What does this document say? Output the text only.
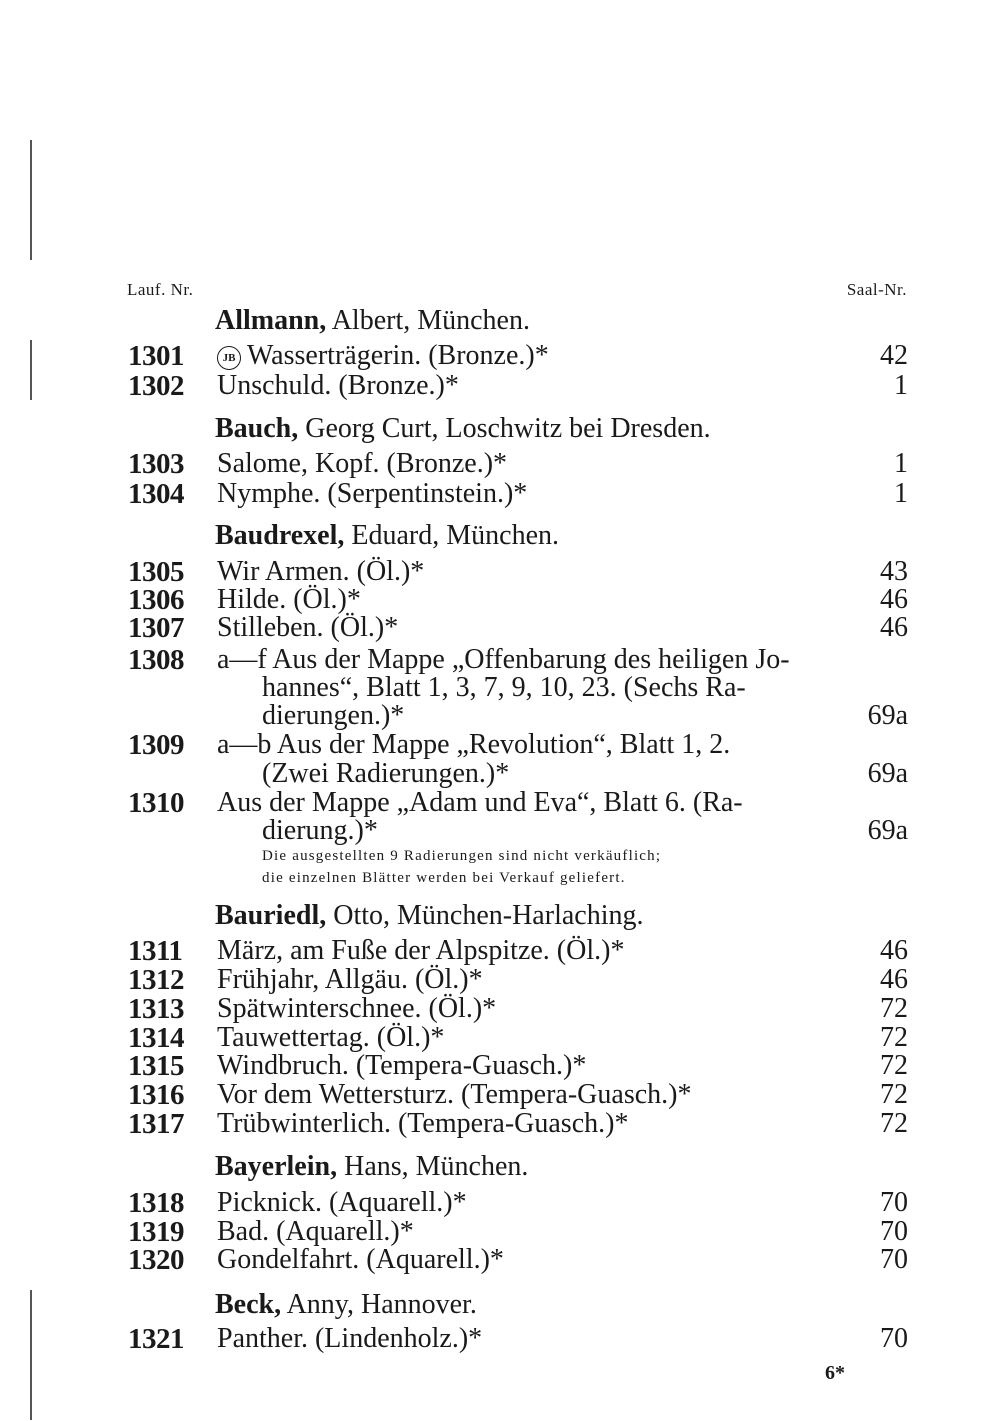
Lauf. Nr.	Saal-Nr.
Allmann, Albert, München.
1301	JB Wasserträgerin. (Bronze.)*	42
1302 Unschuld. (Bronze.)*	1
Bauch, Georg Curt, Loschwitz bei Dresden.
1303 Salome, Kopf. (Bronze.)*	1
1304 Nymphe. (Serpentinstein.)*	1
Baudrexel, Eduard, München.
1305 Wir Armen. (Öl.)*	43
1306 Hilde. (Öl.)*	46
1307 Stilleben. (Öl.)*	46
1308 a—f Aus der Mappe „Offenbarung des heiligen Jo-
hannes“, Blatt 1, 3, 7, 9, 10, 23. (Sechs Ra-
dierungen.)*	69a
1309 a—b Aus der Mappe „Revolution“, Blatt 1, 2.
(Zwei Radierungen.)*	69a
1310 Aus der Mappe „Adam und Eva“, Blatt 6. (Ra-
dierung.)*	69a
Die ausgestellten 9 Radierungen sind nicht verkäuflich;
die einzelnen Blätter werden bei Verkauf geliefert.
Bauriedl, Otto, München-Harlaching.
1311 März, am Fuße der Alpspitze. (Öl.)*	46
1312 Frühjahr, Allgäu. (Öl.)*	46
1313 Spätwinterschnee. (Öl.)*	72
1314 Tauwettertag. (Öl.)*	72
1315 Windbruch. (Tempera-Guasch.)*	72
1316 Vor dem Wettersturz. (Tempera-Guasch.)*	72
1317 Trübwinterlich. (Tempera-Guasch.)*	72
Bayerlein, Hans, München.
1318 Picknick. (Aquarell.)*	70
1319 Bad. (Aquarell.)*	70
1320 Gondelfahrt. (Aquarell.)*	70
Beck, Anny, Hannover.
1321 Panther. (Lindenholz.)*	70
6*
